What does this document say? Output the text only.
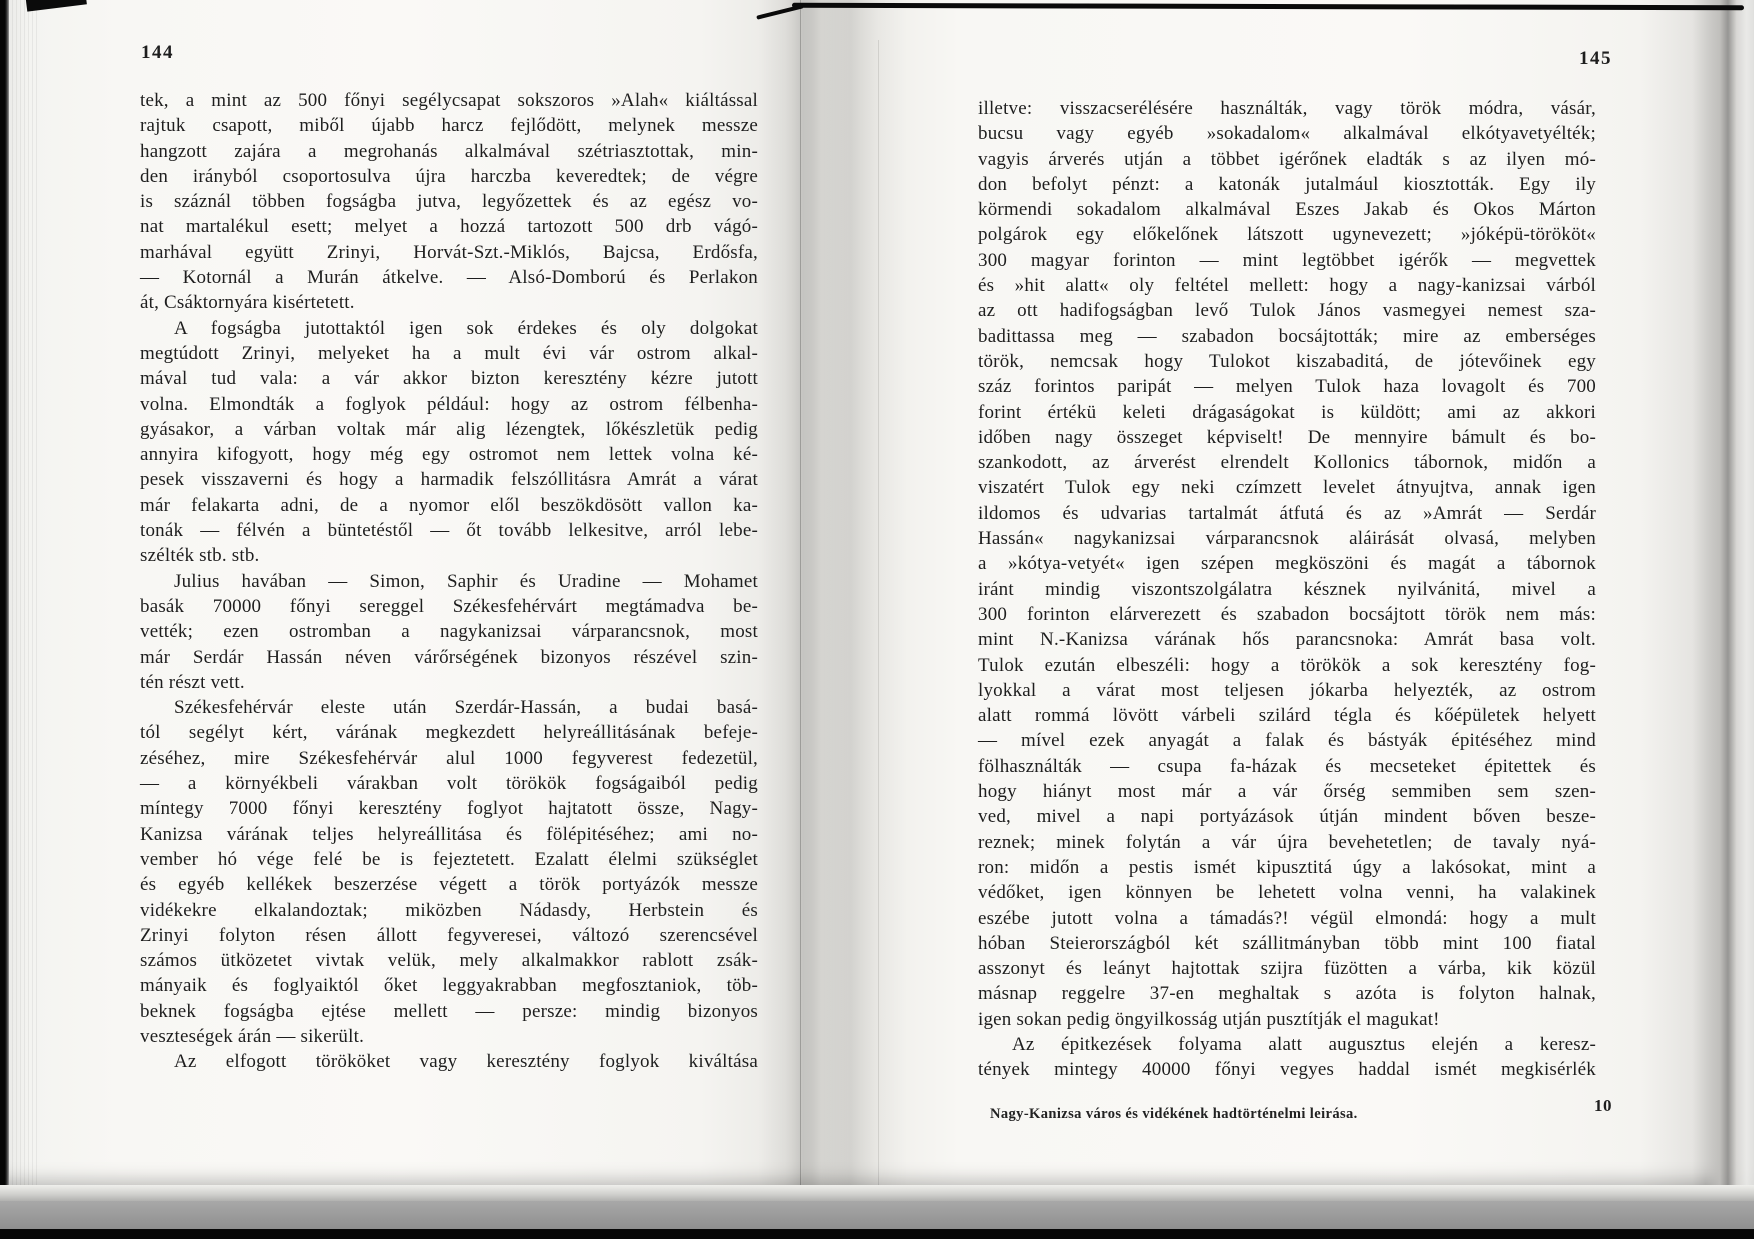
144
tek, a mint az 500 főnyi segélycsapat sokszoros »Alah« kiáltással
rajtuk csapott, miből újabb harcz fejlődött, melynek messze
hangzott zajára a megrohanás alkalmával szétriasztottak, min-
den irányból csoportosulva újra harczba keveredtek; de végre
is száznál többen fogságba jutva, legyőzettek és az egész vo-
nat martalékul esett; melyet a hozzá tartozott 500 drb vágó-
marhával együtt Zrinyi, Horvát-Szt.-Miklós, Bajcsa, Erdősfa,
— Kotornál a Murán átkelve. — Alsó-Domború és Perlakon
át, Csáktornyára kisértetett.
A fogságba jutottaktól igen sok érdekes és oly dolgokat
megtúdott Zrinyi, melyeket ha a mult évi vár ostrom alkal-
mával tud vala: a vár akkor bizton keresztény kézre jutott
volna. Elmondták a foglyok például: hogy az ostrom félbenha-
gyásakor, a várban voltak már alig lézengtek, lőkészletük pedig
annyira kifogyott, hogy még egy ostromot nem lettek volna ké-
pesek visszaverni és hogy a harmadik felszóllitásra Amrát a várat
már felakarta adni, de a nyomor elől beszökdösött vallon ka-
tonák — félvén a büntetéstől — őt tovább lelkesitve, arról lebe-
szélték stb. stb.
Julius havában — Simon, Saphir és Uradine — Mohamet
basák 70000 főnyi sereggel Székesfehérvárt megtámadva be-
vették; ezen ostromban a nagykanizsai várparancsnok, most
már Serdár Hassán néven várőrségének bizonyos részével szin-
tén részt vett.
Székesfehérvár eleste után Szerdár-Hassán, a budai basá-
tól segélyt kért, várának megkezdett helyreállitásának befeje-
zéséhez, mire Székesfehérvár alul 1000 fegyverest fedezetül,
— a környékbeli várakban volt törökök fogságaiból pedig
míntegy 7000 főnyi keresztény foglyot hajtatott össze, Nagy-
Kanizsa várának teljes helyreállitása és fölépitéséhez; ami no-
vember hó vége felé be is fejeztetett. Ezalatt élelmi szükséglet
és egyéb kellékek beszerzése végett a török portyázók messze
vidékekre elkalandoztak; miközben Nádasdy, Herbstein és
Zrinyi folyton résen állott fegyveresei, változó szerencsével
számos ütközetet vivtak velük, mely alkalmakkor rablott zsák-
mányaik és foglyaiktól őket leggyakrabban megfosztaniok, töb-
beknek fogságba ejtése mellett — persze: mindig bizonyos
veszteségek árán — sikerült.
Az elfogott törököket vagy keresztény foglyok kiváltása
145
illetve: visszacserélésére használták, vagy török módra, vásár,
bucsu vagy egyéb »sokadalom« alkalmával elkótyavetyélték;
vagyis árverés utján a többet igérőnek eladták s az ilyen mó-
don befolyt pénzt: a katonák jutalmául kiosztották. Egy ily
körmendi sokadalom alkalmával Eszes Jakab és Okos Márton
polgárok egy előkelőnek látszott ugynevezett; »jóképü-törököt«
300 magyar forinton — mint legtöbbet igérők — megvettek
és »hit alatt« oly feltétel mellett: hogy a nagy-kanizsai várból
az ott hadifogságban levő Tulok János vasmegyei nemest sza-
badittassa meg — szabadon bocsájtották; mire az emberséges
török, nemcsak hogy Tulokot kiszabaditá, de jótevőinek egy
száz forintos paripát — melyen Tulok haza lovagolt és 700
forint értékü keleti drágaságokat is küldött; ami az akkori
időben nagy összeget képviselt! De mennyire bámult és bo-
szankodott, az árverést elrendelt Kollonics tábornok, midőn a
viszatért Tulok egy neki czímzett levelet átnyujtva, annak igen
ildomos és udvarias tartalmát átfutá és az »Amrát — Serdár
Hassán« nagykanizsai várparancsnok aláirását olvasá, melyben
a »kótya-vetyét« igen szépen megköszöni és magát a tábornok
iránt mindig viszontszolgálatra késznek nyilvánitá, mivel a
300 forinton elárverezett és szabadon bocsájtott török nem más:
mint N.-Kanizsa várának hős parancsnoka: Amrát basa volt.
Tulok ezután elbeszéli: hogy a törökök a sok keresztény fog-
lyokkal a várat most teljesen jókarba helyezték, az ostrom
alatt rommá lövött várbeli szilárd tégla és kőépületek helyett
— mível ezek anyagát a falak és bástyák épitéséhez mind
fölhasználták — csupa fa-házak és mecseteket épitettek és
hogy hiányt most már a vár őrség semmiben sem szen-
ved, mivel a napi portyázások útján mindent bőven besze-
reznek; minek folytán a vár újra bevehetetlen; de tavaly nyá-
ron: midőn a pestis ismét kipusztitá úgy a lakósokat, mint a
védőket, igen könnyen be lehetett volna venni, ha valakinek
eszébe jutott volna a támadás?! végül elmondá: hogy a mult
hóban Steierországból két szállitmányban több mint 100 fiatal
asszonyt és leányt hajtottak szijra füzötten a várba, kik közül
másnap reggelre 37-en meghaltak s azóta is folyton halnak,
igen sokan pedig öngyilkosság utján pusztítják el magukat!
Az épitkezések folyama alatt augusztus elején a keresz-
tények mintegy 40000 főnyi vegyes haddal ismét megkisérlék
Nagy-Kanizsa város és vidékének hadtörténelmi leirása.	10
